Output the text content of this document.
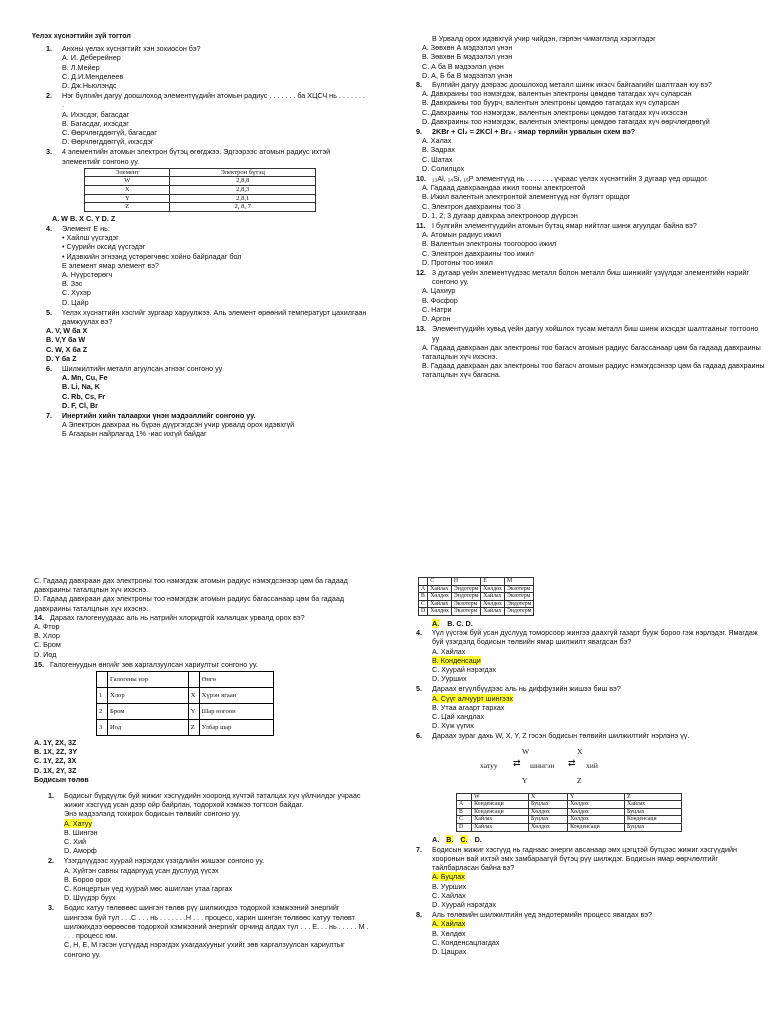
Үелэх хүснэгтийн зүй тогтол
1.	Анхны үелэх хүснэгтийг хэн зохиосон бэ?
A. И. Деберейнер
B. Л.Мейер
C. Д.И.Менделеев
D. Дж.Ньюлэндс
2.	Нэг бүлгийн дагуу доошлоход элементүүдийн атомын радиус . . . . . . . ба ХЦСЧ нь . . . . . . . .
A. Ихэсдэг, багасдаг
B. Багасдаг, ихэсдэг
C. Өөрчлөгддөггүй, багасдаг
D. Өөрчлөгддөггүй, ихэсдэг
3.	4 элементийн атомын электрон бүтэц өгөгджээ. Эдгээрээс атомын радиус ихтэй элементийг сонгоно уу.
Элемент	Электрон бүтэц
W	2,8,8
X	2,8,3
Y	2,8,1
Z	2, 8, 7
A. W B. X C. Y D. Z
4.	Элемент E нь:
• Хайлш үүсгэдэг
• Суурийн оксид үүсгэдэг
• Идэвхийн эгнээнд устөрөгчөөс хойно байрладаг бол
E элемент ямар элемент вэ?
A. Нүүрстөрөгч
B. Зэс
C. Хүхэр
D. Цайр
5.	Үелэх хүснэгтийн хэсгийг зургаар харуулжээ. Аль элемент өрөөний температурт цахилгаан дамжуулах вэ?
A. V, W ба X
B. V,Y ба W
C. W, X ба Z
D. Y ба Z
6.	Шилжилтийн металл агуулсан эгнээг сонгоно уу
A. Mn, Cu, Fe
B. Li, Na, K
C. Rb, Cs, Fr
D. F, Cl, Br
7.	Инертийн хийн талаархи үнэн мэдээллийг сонгоно уу.
A Электрон давхраа нь бүрэн дүүргэгдсэн учир урвалд орох идэвхгүй
Б Агаарын найрлагад 1% -иас ихгүй байдаг
В Урвалд орох идэвхгүй учир чийдэн, гэрлэн чимэглэлд хэрэглэдэг
A. Зөвхөн А мэдээлэл үнэн
B. Зөвхөн Б мэдээлэл үнэн
C. А ба В мэдээлэл үнэн
D. А, Б ба В мэдээлэл үнэн
8.	Бүлгийн дагуу дээрээс доошлоход металл шинж ихэсч байгаагийн шалтгаан юу вэ?
A. Давхраины тоо нэмэгдэж, валентын электроны цөмдөө татагдах хүч суларсан
B. Давхраины тоо буурч, валентын электроны цөмдөө татагдах хүч суларсан
C. Давхраины тоо нэмэгдэж, валентын электроны цөмдөө татагдах хүч ихэссэн
D. Давхраины тоо нэмэгдэж, валентын электроны цөмдөө татагдах хүч өөрчлөгдөөгүй
9.	2KBr + Cl₂ = 2KCl + Br₂ - ямар төрлийн урвалын схем вэ?
A. Халах
B. Задрах
C. Шатах
D. Солилцох
10. ₁₃Al, ₁₄Si, ₁₅P элементүүд нь . . . . . . . үчраас үелэх хүснэгтийн 3 дугаар үед оршдог.
A. Гадаад давхраандаа ижил тооны электронтой
B. Ижил валентын электронтой элементүүд нэг бүлэгт оршдог
C. Электрон давхраины тоо 3
D. 1, 2, 3 дугаар давхраа электроноор дүүрсэн
11. I бүлгийн элементүүдийн атомын бүтэц ямар нийтлэг шинж агуулдаг байна вэ?
A. Атомын радиус ижил
B. Валентын электроны тоогоороо ижил
C. Электрон давхраины тоо ижил
D. Протоны тоо ижил
12. 3 дугаар үейн элементүүдээс металл болон металл биш шинжийг үзүүлдэг элементийн нэрийг сонгоно уу.
A. Цахиур
B. Фосфор
C. Натри
D. Аргон
13. Элементүүдийн хувьд үейн дагуу хойшлох тусам металл биш шинж ихэсдэг шалтгааныг тогтооно уу
A. Гадаад давхраан дах электроны тоо багасч атомын радиус багассанаар цөм ба гадаад давхраины таталцлын хүч ихэснэ.
B. Гадаад давхраан дах электроны тоо багасч атомын радиус нэмэгдсэнээр цөм ба гадаад давхраины таталцлын хүч багасна.
C. Гадаад давхраан дах электроны тоо нэмэгдэж атомын радиус нэмэгдсэнээр цөм ба гадаад давхраины таталцлын хүч ихэснэ.
D. Гадаад давхраан дах электроны тоо нэмэгдэж атомын радиус багассанаар цөм ба гадаад давхраины таталцлын хүч ихэснэ.
14. Дараах галогенуудаас аль нь натрийн хлоридтой халалцах урвалд орох вэ?
A. Фтор
B. Хлор
C. Бром
D. Иод
15. Галогенуудын өнгийг зөв харгалзуулсан хариултыг сонгоно уу.
	Галогены нэр		Өнгө
1	Хлор	X	Хүрэн ягаан
2	Бром	Y	Шар ногоон
3	Иод	Z	Улбар шар
A. 1Y, 2X, 3Z
B. 1X, 2Z, 3Y
C. 1Y, 2Z, 3X
D. 1X, 2Y, 3Z
Бодисын төлөв
1.	Бодисыг бүрдүүлж буй жижиг хэсгүүдийн хооронд хүчтэй таталцах хүч үйлчилдэг учраас жижиг хэсгүүд усан дээр ойр байрлан, тодорхой хэмжээ тогтсон байдаг.
Энэ мэдээлэлд тохирох бодисын төлвийг сонгоно уу.
A. Хатуу
B. Шингэн
C. Хий
D. Аморф
2.	Үзэгдлүүдээс хуурай нэрэгдэх үзэгдлийн жишээг сонгоно уу.
A. Хуйтэн савны гадаргууд усан дуслууд үүсэх
B. Бороо орох
C. Концертын үед хуурай мөс ашиглан утаа гаргах
D. Шүүдэр буух
3.	Бодис хатуу төлөвөөс шингэн төлөв рүү шилжихдээ тодорхой хэмжээний энергийг шингээж буй тул . . .C . . . нь . . . . . . .H . . . процесс, харин шингэн төлвөөс хатуу төлөвт шилжихдээ өөрөөсөө тодорхой хэмжээний энергийг орчинд алдах тул . . . E. . . нь . . . . . M . . . . процесс юм.
C, H, E, M гэсэн үсгүүдад нэрэгдэх ухагдахууныг ухийг зөв харгалзуулсан хариултыг сонгоно уу.
	C	H	E	M
A	Хайлах	Эндотерм	Хөлдөх	Экзотерм
B	Хөлдөх	Эндотерм	Хайлах	Экзотерм
C	Хайлах	Экзотерм	Хөлдөх	Эндотерм
D	Хөлдөх	Экзотерм	Хайлах	Эндотерм
A. B. C. D.
4.	Үүл үүсгэж буй усан дуслууд томорсоор жингээ даахгүй газарт бууж бороо гэж нэрлэдэг. Ямагдаж буй үзэгдэлд бодисын төлвийн ямар шилжилт явагдсан бэ?
A. Хайлах
B. Конденсаци
C. Хуурай нэрэгдэх
D. Уурших
5.	Дараах өгүүлбүүдээс аль нь диффузийн жишээ биш вэ?
A. Сүүг алчуурт шингээх
B. Утаа агаарт тархах
C. Цай хандлах
D. Хүж үүгих
6.	Дараах зураг дахь W, X, Y, Z гэсэн бодисын төлвийн шилжилтийг нэрлэнэ үү.
W	X
хатуу ⇄ шингэн ⇄ хий
Y	Z
	W	X	Y	Z
A	Конденсаци	Буцлах	Хөлдөх	Хайлах
B	Конденсаци	Хөлдөх	Хөлдөх	Буцлах
C	Хайлах	Буцлах	Хөлдөх	Конденсаци
D	Хайлах	Хөлдөх	Конденсаци	Буцлах
A. B. C. D.
7.	Бодисын жижиг хэсгүүд нь гаднаас энерги авсанаар эмх цэгцтэй бүтцээс жижиг хэсгүүдийн хооронын вай ихтэй эмх замбараагүй бүтэц рүү шилждэг. Бодисын ямар өөрчлөлтийг тайлбарласан байна вэ?
A. Буцлах
B. Уурших
C. Хайлах
D. Хуурай нэрэгдэх
8.	Аль төлөвийн шилжилтийн үед эндотермийн процесс явагдах вэ?
A. Хайлах
B. Хөлдөх
C. Конденсацлагдах
D. Цацрах
